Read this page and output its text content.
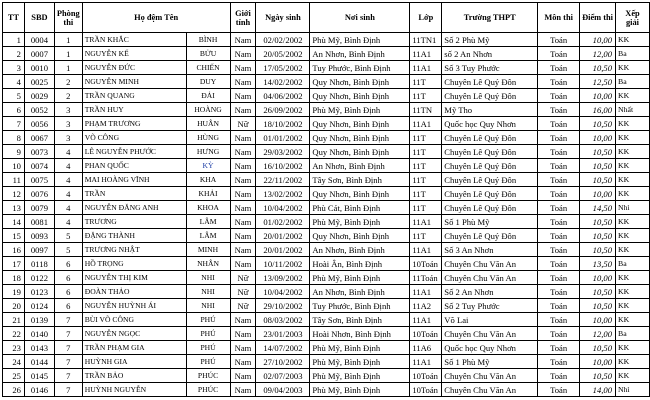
TT	SBD	Phòng thi	Họ đệm Tên		Giới tính	Ngày sinh	Nơi sinh	Lớp	Trường THPT	Môn thi	Điểm thi	Xếp giải
1	0004	1	TRẦN KHẮC	BÌNH	Nam	02/02/2002	Phù Mỹ, Bình Định	11TN1	Số 2 Phù Mỹ	Toán	10,00	KK
2	0007	1	NGUYỄN KẾ	BỬU	Nam	20/05/2002	An Nhơn, Bình Định	11A1	số 2 An Nhơn	Toán	12,00	Ba
3	0010	1	NGUYỄN ĐỨC	CHIẾN	Nam	17/05/2002	Tuy Phước, Bình Định	11A1	Số 3 Tuy Phước	Toán	10,50	KK
4	0025	2	NGUYỄN MINH	DUY	Nam	14/02/2002	Quy Nhơn, Bình Định	11T	Chuyên Lê Quý Đôn	Toán	12,50	Ba
5	0029	2	TRẦN QUANG	ĐẢI	Nam	04/06/2002	Quy Nhơn, Bình Định	11T	Chuyên Lê Quý Đôn	Toán	10,00	KK
6	0052	3	TRẦN HUY	HOÀNG	Nam	26/09/2002	Phù Mỹ, Bình Định	11TN	Mỹ Tho	Toán	16,00	Nhất
7	0056	3	PHẠM TRƯƠNG	HUÂN	Nữ	18/10/2002	Quy Nhơn, Bình Định	11A1	Quốc học Quy Nhơn	Toán	10,50	KK
8	0067	3	VÕ CÔNG	HÙNG	Nam	01/01/2002	Quy Nhơn, Bình Định	11T	Chuyên Lê Quý Đôn	Toán	10,00	KK
9	0073	4	LÊ NGUYỄN PHƯỚC	HƯNG	Nam	29/03/2002	Quy Nhơn, Bình Định	11T	Chuyên Lê Quý Đôn	Toán	10,50	KK
10	0074	4	PHAN QUỐC	KỲ	Nam	16/10/2002	An Nhơn, Bình Định	11T	Chuyên Lê Quý Đôn	Toán	10,50	KK
11	0075	4	MAI HOÀNG VĨNH	KHA	Nam	22/11/2002	Tây Sơn, Bình Định	11T	Chuyên Lê Quý Đôn	Toán	10,50	KK
12	0076	4	TRẦN	KHẢI	Nam	13/02/2002	Quy Nhơn, Bình Định	11T	Chuyên Lê Quý Đôn	Toán	10,00	KK
13	0079	4	NGUYỄN ĐĂNG ANH	KHOA	Nam	10/04/2002	Phù Cát, Bình Định	11T	Chuyên Lê Quý Đôn	Toán	14,50	Nhì
14	0081	4	TRƯƠNG	LÂM	Nam	01/02/2002	Phù Mỹ, Bình Định	11A1	Số 1 Phù Mỹ	Toán	10,50	KK
15	0093	5	ĐẶNG THÀNH	LÂM	Nam	20/01/2002	Quy Nhơn, Bình Định	11T	Chuyên Lê Quý Đôn	Toán	10,50	KK
16	0097	5	TRƯƠNG NHẬT	MINH	Nam	20/01/2002	An Nhơn, Bình Định	11A1	Số 3 An Nhơn	Toán	10,50	KK
17	0118	6	HỒ TRỌNG	NHÂN	Nam	10/11/2002	Hoài Ân, Bình Định	10Toán	Chuyên Chu Văn An	Toán	13,50	Ba
18	0122	6	NGUYỄN THỊ KIM	NHI	Nữ	13/09/2002	Phù Mỹ, Bình Định	11Toán	Chuyên Chu Văn An	Toán	10,00	KK
19	0123	6	ĐOÀN THẢO	NHI	Nữ	10/04/2002	An Nhơn, Bình Định	11A1	Số 2 An Nhơn	Toán	10,50	KK
20	0124	6	NGUYỄN HUỲNH ÁI	NHI	Nữ	29/10/2002	Tuy Phước, Bình Định	11A2	Số 2 Tuy Phước	Toán	10,50	KK
21	0139	7	BÙI VÕ CÔNG	PHÚ	Nam	08/03/2002	Tây Sơn, Bình Định	11A1	Võ Lai	Toán	10,00	KK
22	0140	7	NGUYỄN NGỌC	PHÚ	Nam	23/01/2003	Hoài Nhơn, Bình Định	10Toán	Chuyên Chu Văn An	Toán	12,00	Ba
23	0143	7	TRẦN PHẠM GIA	PHÚ	Nam	14/07/2002	Phù Mỹ, Bình Định	11A6	Quốc học Quy Nhơn	Toán	10,50	KK
24	0144	7	HUỲNH GIA	PHÚ	Nam	27/10/2002	Phù Mỹ, Bình Định	11A1	Số 1 Phù Mỹ	Toán	10,00	KK
25	0145	7	TRẦN BẢO	PHÚC	Nam	02/07/2003	Phù Mỹ, Bình Định	10Toán	Chuyên Chu Văn An	Toán	10,50	KK
26	0146	7	HUỲNH NGUYỄN	PHÚC	Nam	09/04/2003	Phù Mỹ, Bình Định	10Toán	Chuyên Chu Văn An	Toán	14,00	Nhì
